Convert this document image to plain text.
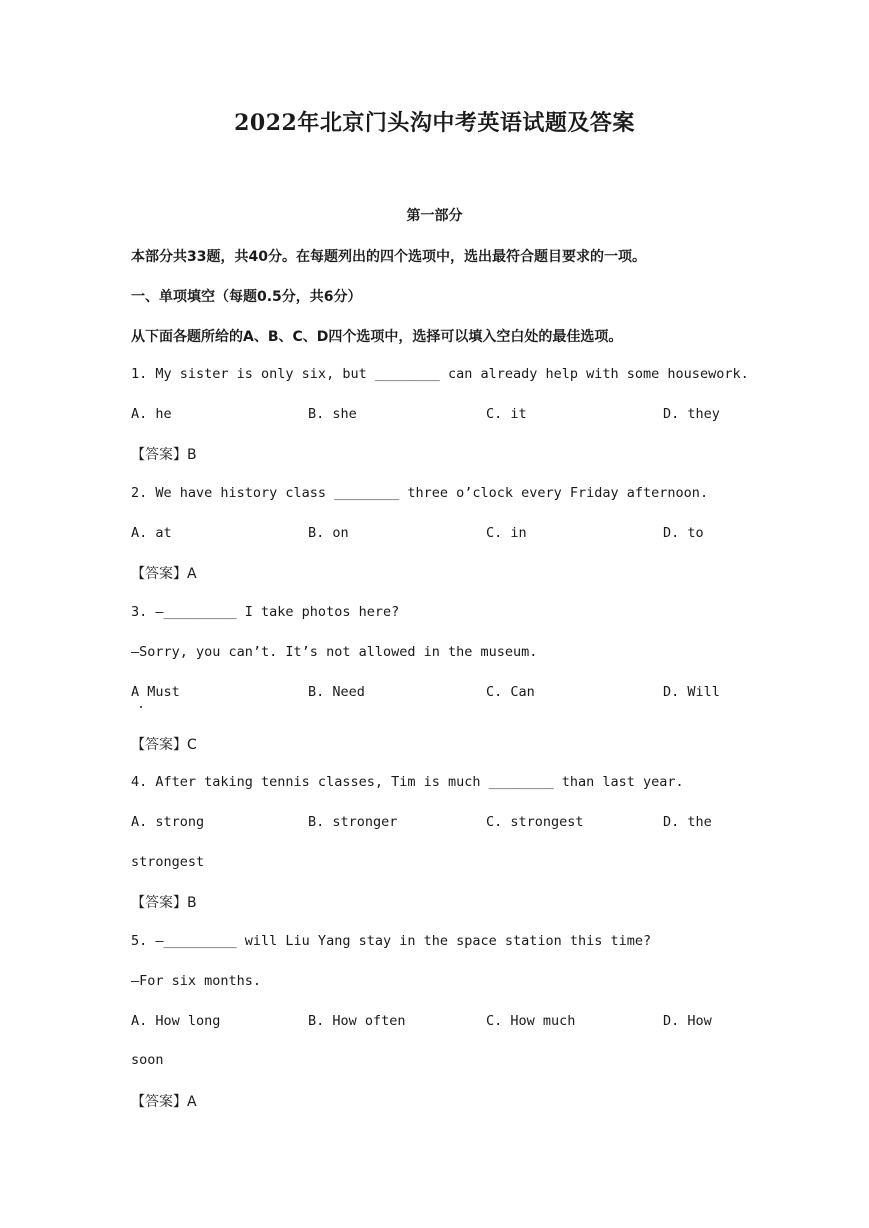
2022年北京门头沟中考英语试题及答案
第一部分
本部分共33题，共40分。在每题列出的四个选项中，选出最符合题目要求的一项。
一、单项填空（每题0.5分，共6分）
从下面各题所给的A、B、C、D四个选项中，选择可以填入空白处的最佳选项。
1. My sister is only six, but ________ can already help with some housework.
A. he	B. she	C. it	D. they
【答案】B
2. We have history class ________ three o’clock every Friday afternoon.
A. at	B. on	C. in	D. to
【答案】A
3. —_________ I take photos here?
—Sorry, you can’t. It’s not allowed in the museum.
A Must	B. Need	C. Can	D. Will
【答案】C
4. After taking tennis classes, Tim is much ________ than last year.
A. strong	B. stronger	C. strongest	D. the
strongest
【答案】B
5. —_________ will Liu Yang stay in the space station this time?
—For six months.
A. How long	B. How often	C. How much	D. How
soon
【答案】A
